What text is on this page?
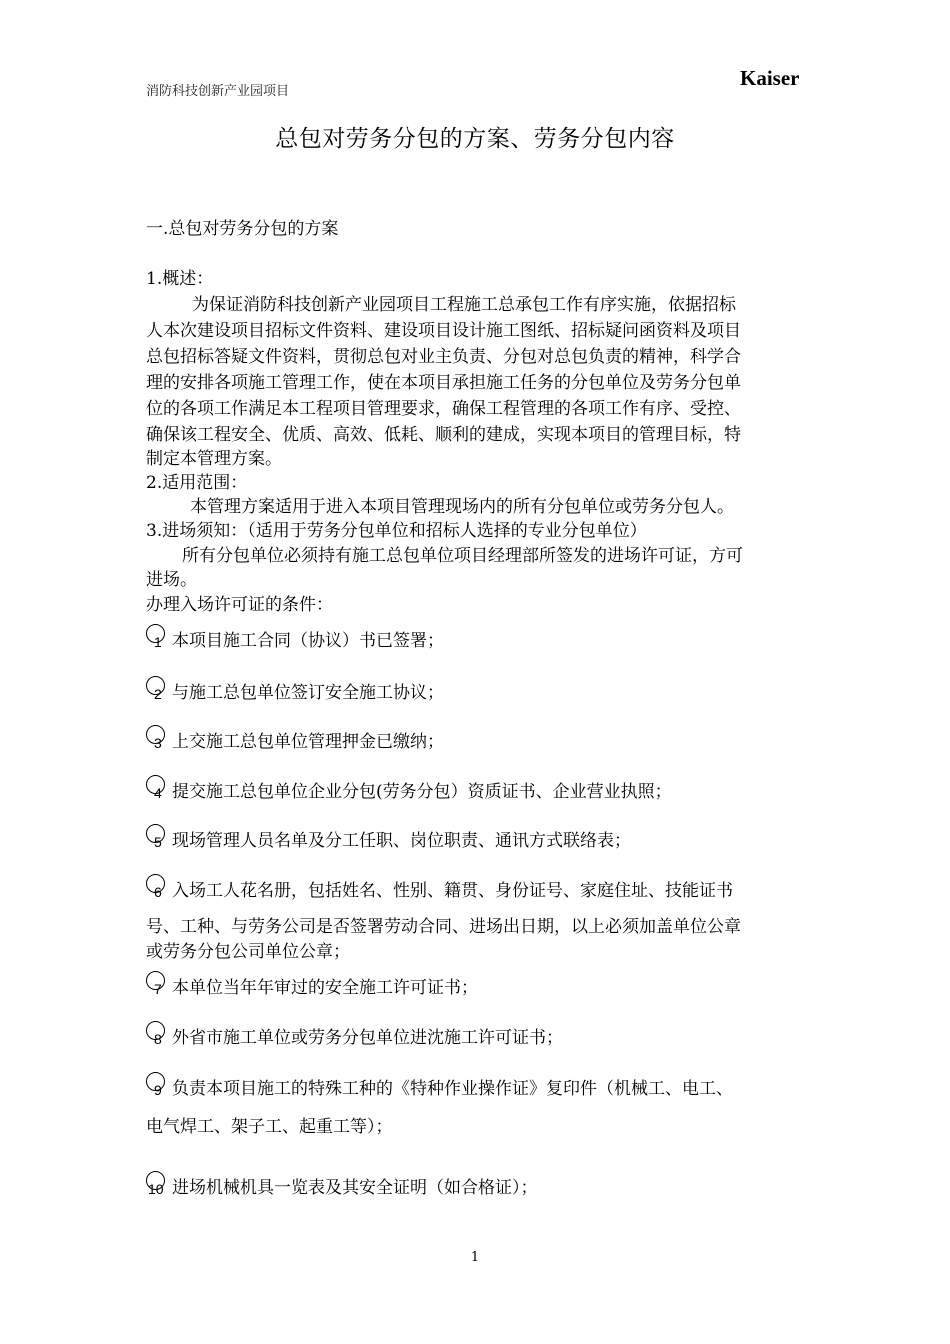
消防科技创新产业园项目
Kaiser
总包对劳务分包的方案、劳务分包内容
一.总包对劳务分包的方案
1.概述：
为保证消防科技创新产业园项目工程施工总承包工作有序实施，依据招标
人本次建设项目招标文件资料、建设项目设计施工图纸、招标疑问函资料及项目
总包招标答疑文件资料，贯彻总包对业主负责、分包对总包负责的精神，科学合
理的安排各项施工管理工作，使在本项目承担施工任务的分包单位及劳务分包单
位的各项工作满足本工程项目管理要求，确保工程管理的各项工作有序、受控、
确保该工程安全、优质、高效、低耗、顺利的建成，实现本项目的管理目标，特
制定本管理方案。
2.适用范围：
本管理方案适用于进入本项目管理现场内的所有分包单位或劳务分包人。
3.进场须知：（适用于劳务分包单位和招标人选择的专业分包单位）
所有分包单位必须持有施工总包单位项目经理部所签发的进场许可证，方可
进场。
办理入场许可证的条件：
1 本项目施工合同（协议）书已签署；
2 与施工总包单位签订安全施工协议；
3 上交施工总包单位管理押金已缴纳；
4 提交施工总包单位企业分包(劳务分包）资质证书、企业营业执照；
5 现场管理人员名单及分工任职、岗位职责、通讯方式联络表；
6 入场工人花名册，包括姓名、性别、籍贯、身份证号、家庭住址、技能证书
号、工种、与劳务公司是否签署劳动合同、进场出日期，以上必须加盖单位公章
或劳务分包公司单位公章；
7 本单位当年年审过的安全施工许可证书；
8 外省市施工单位或劳务分包单位进沈施工许可证书；
9 负责本项目施工的特殊工种的《特种作业操作证》复印件（机械工、电工、
电气焊工、架子工、起重工等）；
10 进场机械机具一览表及其安全证明（如合格证）；
1
